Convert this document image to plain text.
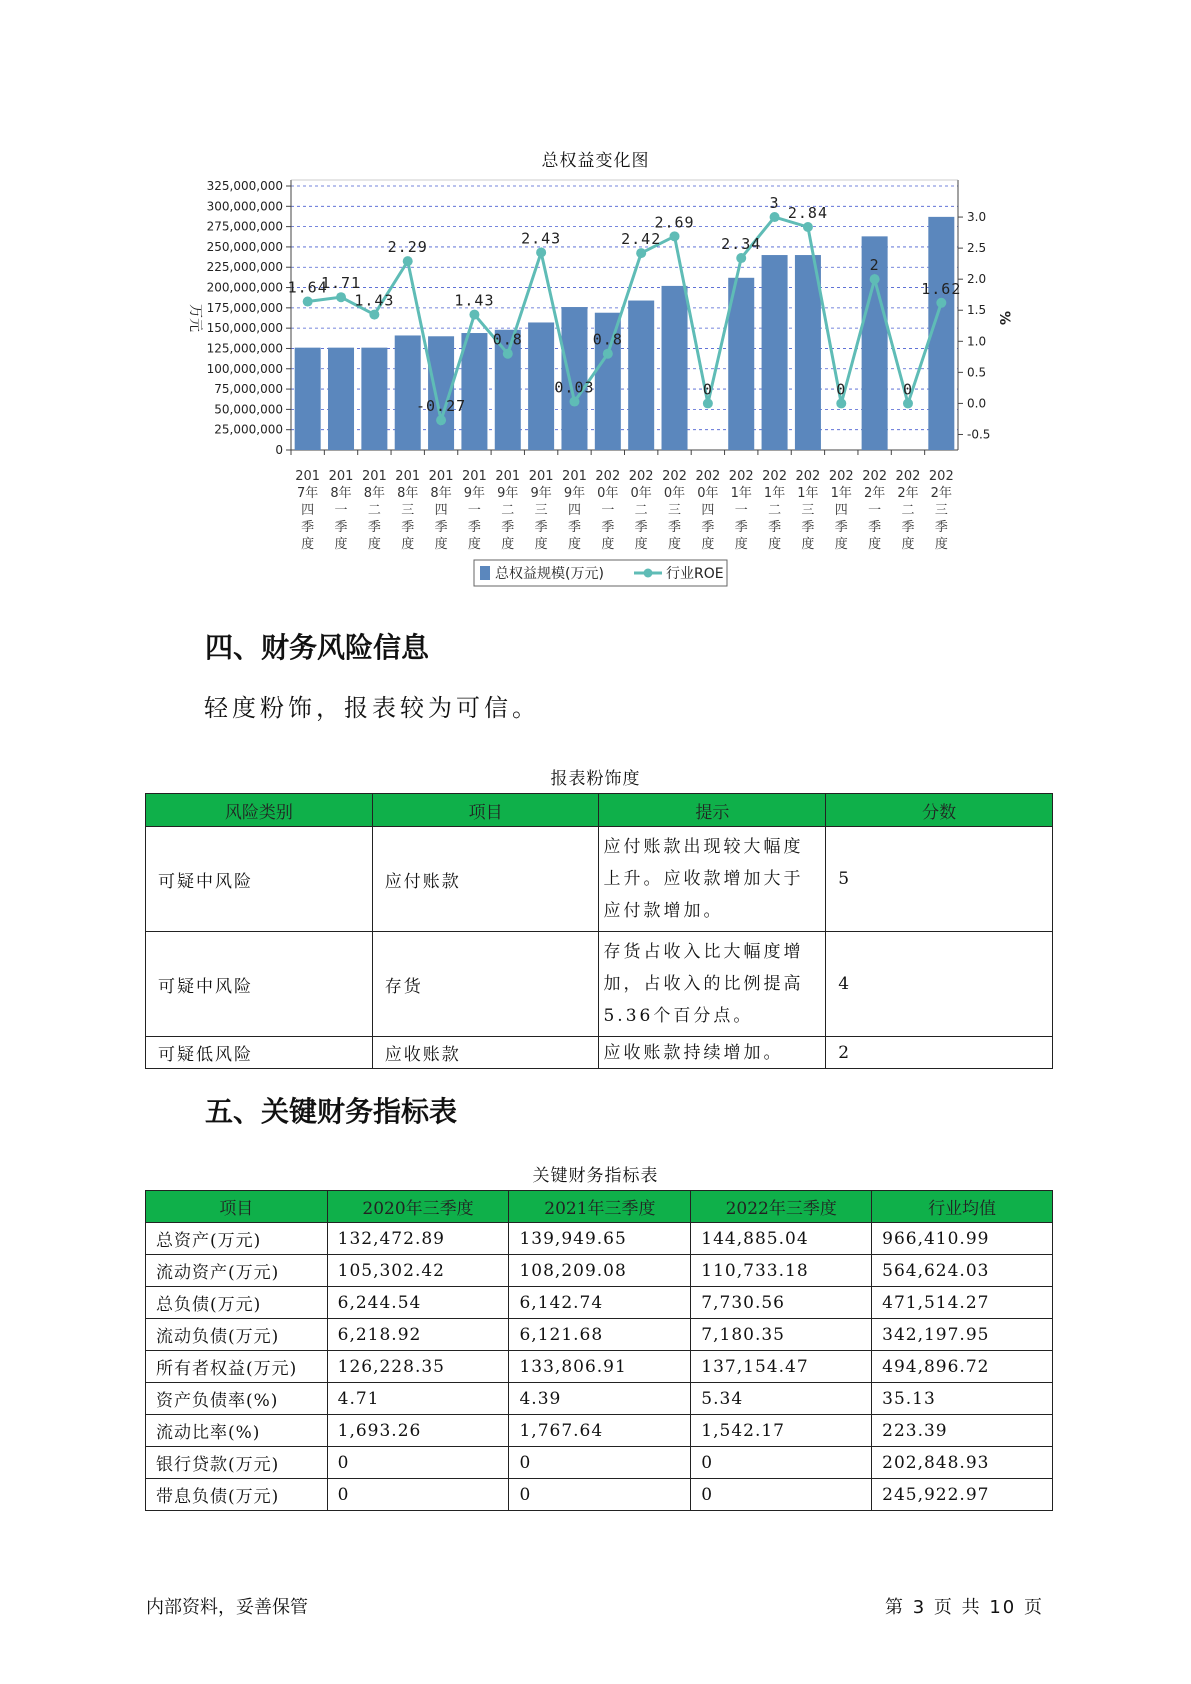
总权益变化图
0
25,000,000
50,000,000
75,000,000
100,000,000
125,000,000
150,000,000
175,000,000
200,000,000
225,000,000
250,000,000
275,000,000
300,000,000
325,000,000
-0.5
0.0
0.5
1.0
1.5
2.0
2.5
3.0
万元	%
1.64
1.71
1.43
2.29
-0.27
1.43
0.8
2.43
0.03
0.8
2.42
2.69
0
2.34
3
2.84
0
2
0
1.62
201 7年四季度
201 8年一季度
201 8年二季度
201 8年三季度
201 8年四季度
201 9年一季度
201 9年二季度
201 9年三季度
201 9年四季度
202 0年一季度
202 0年二季度
202 0年三季度
202 0年四季度
202 1年一季度
202 1年二季度
202 1年三季度
202 1年四季度
202 2年一季度
202 2年二季度
202 2年三季度
总权益规模(万元)	行业ROE
四、财务风险信息
轻度粉饰，报表较为可信。
报表粉饰度
风险类别	项目	提示	分数
可疑中风险	应付账款	应付账款出现较大幅度上升。应收款增加大于应付款增加。	5
可疑中风险	存货	存货占收入比大幅度增加，占收入的比例提高5.36个百分点。	4
可疑低风险	应收账款	应收账款持续增加。	2
五、关键财务指标表
关键财务指标表
项目	2020年三季度	2021年三季度	2022年三季度	行业均值
总资产(万元)	132,472.89	139,949.65	144,885.04	966,410.99
流动资产(万元)	105,302.42	108,209.08	110,733.18	564,624.03
总负债(万元)	6,244.54	6,142.74	7,730.56	471,514.27
流动负债(万元)	6,218.92	6,121.68	7,180.35	342,197.95
所有者权益(万元)	126,228.35	133,806.91	137,154.47	494,896.72
资产负债率(%)	4.71	4.39	5.34	35.13
流动比率(%)	1,693.26	1,767.64	1,542.17	223.39
银行贷款(万元)	0	0	0	202,848.93
带息负债(万元)	0	0	0	245,922.97
内部资料，妥善保管	第 3 页 共 10 页
